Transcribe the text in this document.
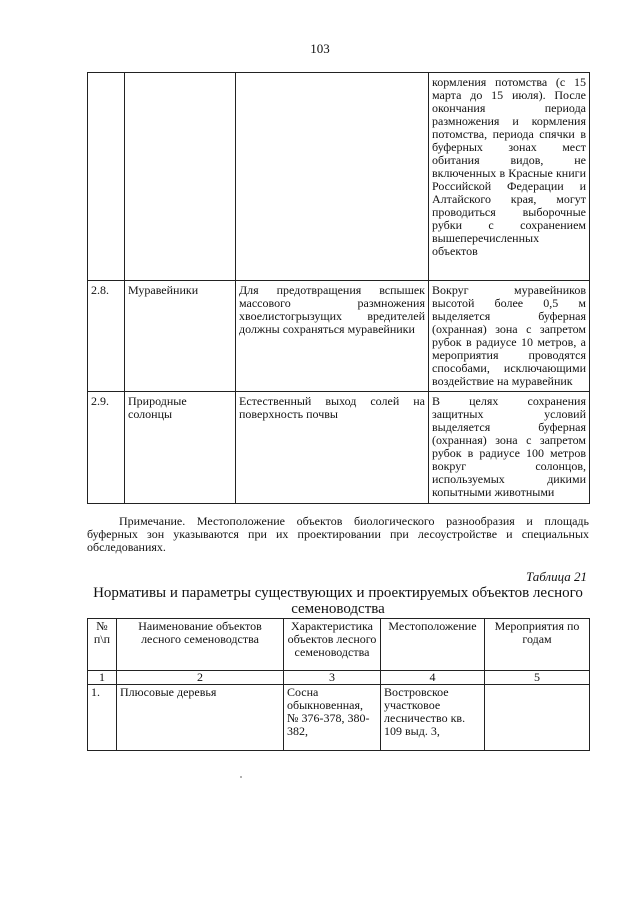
103
			кормления потомства (с 15 марта до 15 июля). После окончания периода размножения и кормления потомства, периода спячки в буферных зонах мест обитания видов, не включенных в Красные книги Российской Федерации и Алтайского края, могут проводиться выборочные рубки с сохранением вышеперечисленных объектов
2.8.	Муравейники	Для предотвращения вспышек массового размножения хвоелистогрызущих вредителей должны сохраняться муравейники	Вокруг муравейников высотой более 0,5 м выделяется буферная (охранная) зона с запретом рубок в радиусе 10 метров, а мероприятия проводятся способами, исключающими воздействие на муравейник
2.9.	Природные солонцы	Естественный выход солей на поверхность почвы	В целях сохранения защитных условий выделяется буферная (охранная) зона с запретом рубок в радиусе 100 метров вокруг солонцов, используемых дикими копытными животными
Примечание. Местоположение объектов биологического разнообразия и площадь буферных зон указываются при их проектировании при лесоустройстве и специальных обследованиях.
Таблица 21
Нормативы и параметры существующих и проектируемых объектов лесного семеноводства
№ п\п	Наименование объектов лесного семеноводства	Характеристика объектов лесного семеноводства	Местоположение	Мероприятия по годам
1	2	3	4	5
1.	Плюсовые деревья	Сосна обыкновенная, № 376-378, 380-382,	Востровское участковое лесничество кв. 109 выд. 3,	
